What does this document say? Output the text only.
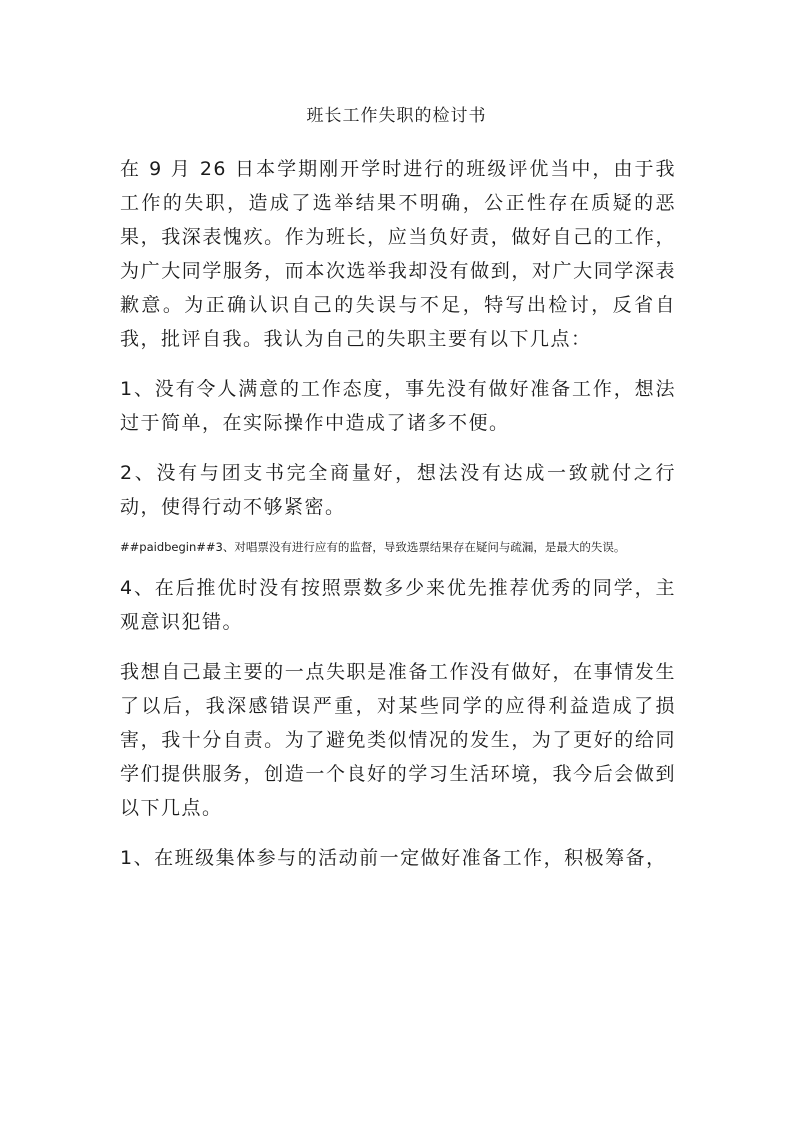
班长工作失职的检讨书

在 9 月 26 日本学期刚开学时进行的班级评优当中，由于我工作的失职，造成了选举结果不明确，公正性存在质疑的恶果，我深表愧疚。作为班长，应当负好责，做好自己的工作，为广大同学服务，而本次选举我却没有做到，对广大同学深表歉意。为正确认识自己的失误与不足，特写出检讨，反省自我，批评自我。我认为自己的失职主要有以下几点：

1、没有令人满意的工作态度，事先没有做好准备工作，想法过于简单，在实际操作中造成了诸多不便。

2、没有与团支书完全商量好，想法没有达成一致就付之行动，使得行动不够紧密。

##paidbegin##3、对唱票没有进行应有的监督，导致选票结果存在疑问与疏漏，是最大的失误。

4、在后推优时没有按照票数多少来优先推荐优秀的同学，主观意识犯错。

我想自己最主要的一点失职是准备工作没有做好，在事情发生了以后，我深感错误严重，对某些同学的应得利益造成了损害，我十分自责。为了避免类似情况的发生，为了更好的给同学们提供服务，创造一个良好的学习生活环境，我今后会做到以下几点。

1、在班级集体参与的活动前一定做好准备工作，积极筹备，
